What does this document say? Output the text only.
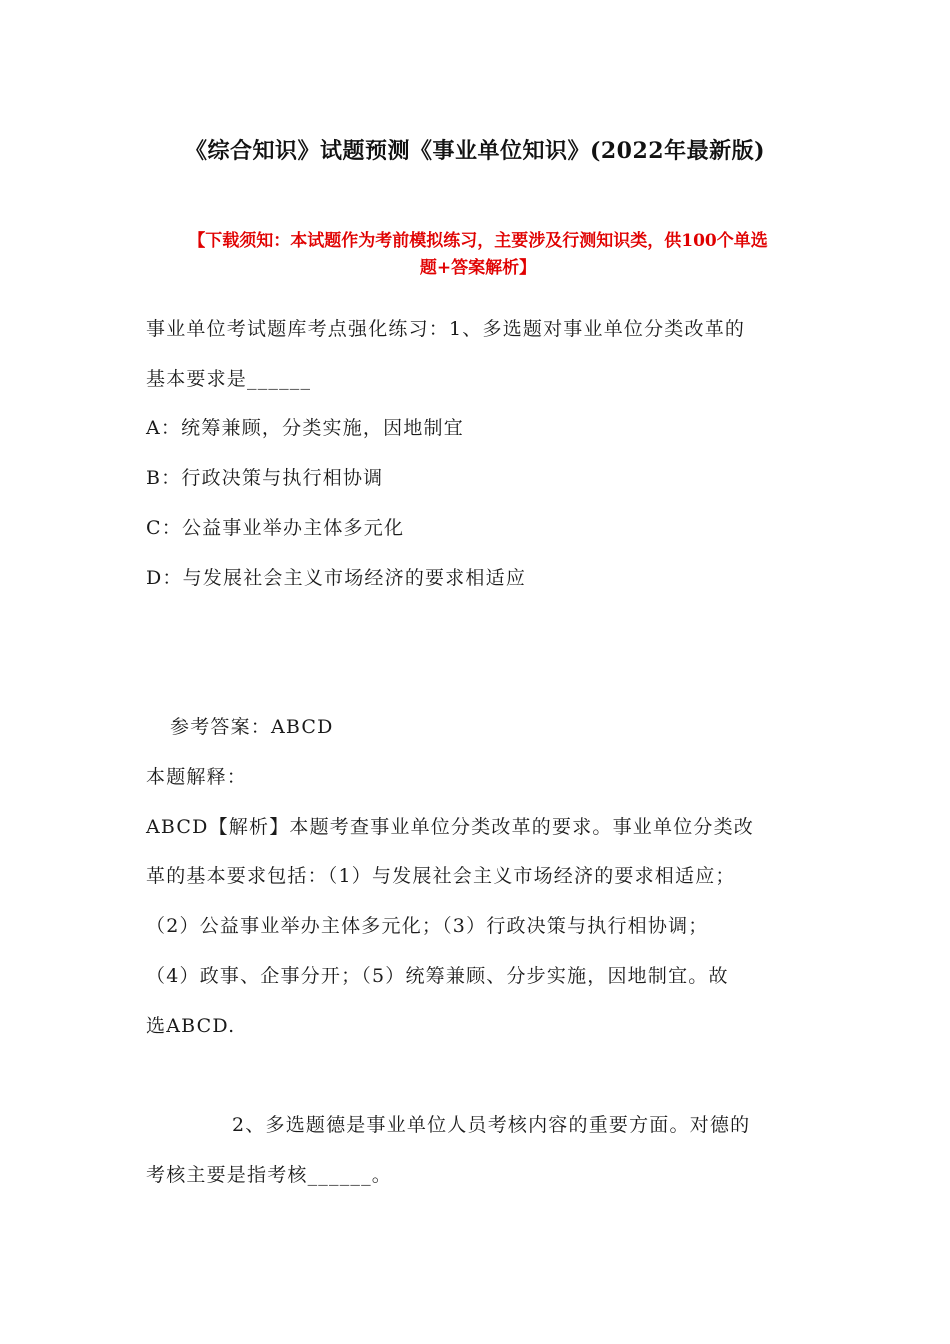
《综合知识》试题预测《事业单位知识》(2022年最新版)
【下载须知：本试题作为考前模拟练习，主要涉及行测知识类，供100个单选
题+答案解析】
事业单位考试题库考点强化练习：1、多选题对事业单位分类改革的
基本要求是______
A：统筹兼顾，分类实施，因地制宜
B：行政决策与执行相协调
C：公益事业举办主体多元化
D：与发展社会主义市场经济的要求相适应
参考答案：ABCD
本题解释：
ABCD【解析】本题考查事业单位分类改革的要求。事业单位分类改
革的基本要求包括：（1）与发展社会主义市场经济的要求相适应；
（2）公益事业举办主体多元化；（3）行政决策与执行相协调；
（4）政事、企事分开；（5）统筹兼顾、分步实施，因地制宜。故
选ABCD.
2、多选题德是事业单位人员考核内容的重要方面。对德的
考核主要是指考核______。
